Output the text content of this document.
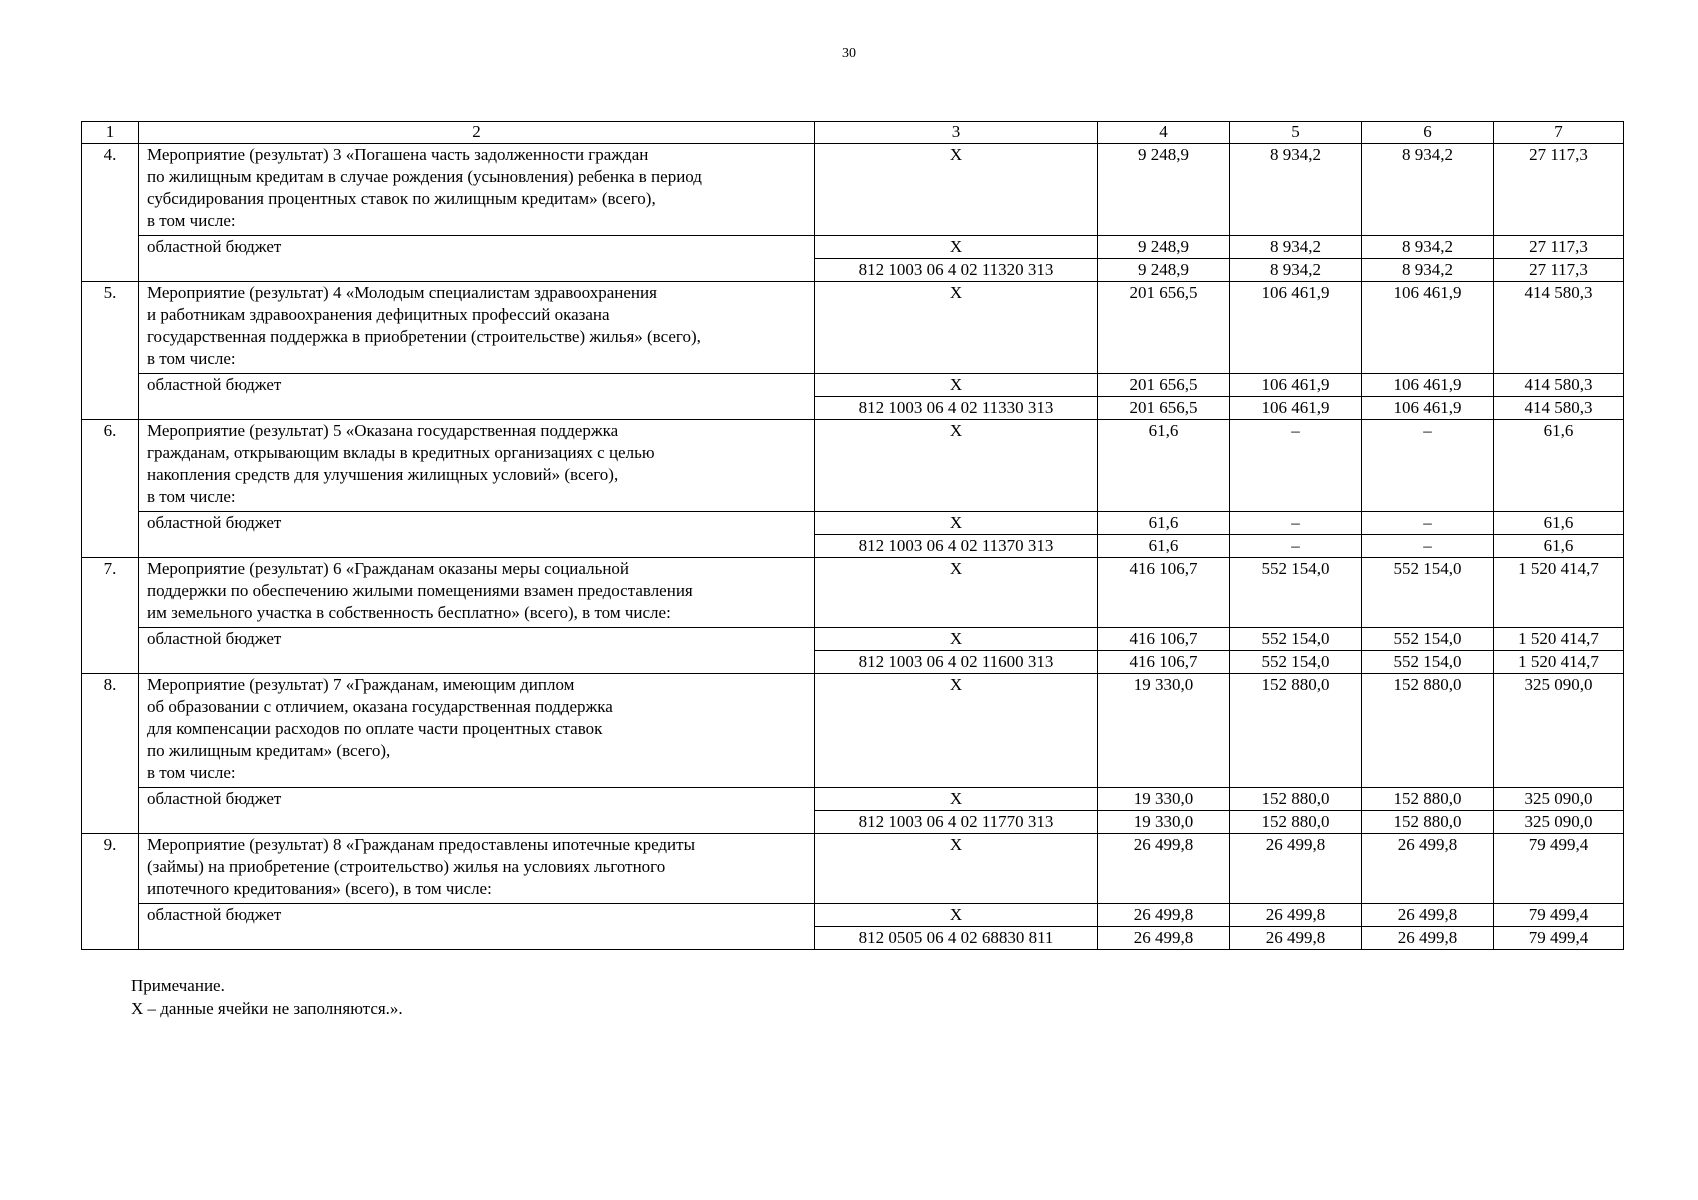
30
1	2	3	4	5	6	7
4.	Мероприятие (результат) 3 «Погашена часть задолженности граждан
по жилищным кредитам в случае рождения (усыновления) ребенка в период
субсидирования процентных ставок по жилищным кредитам» (всего),
в том числе:	X	9 248,9	8 934,2	8 934,2	27 117,3
	областной бюджет	X	9 248,9	8 934,2	8 934,2	27 117,3
		812 1003 06 4 02 11320 313	9 248,9	8 934,2	8 934,2	27 117,3
5.	Мероприятие (результат) 4 «Молодым специалистам здравоохранения
и работникам здравоохранения дефицитных профессий оказана
государственная поддержка в приобретении (строительстве) жилья» (всего),
в том числе:	X	201 656,5	106 461,9	106 461,9	414 580,3
	областной бюджет	X	201 656,5	106 461,9	106 461,9	414 580,3
		812 1003 06 4 02 11330 313	201 656,5	106 461,9	106 461,9	414 580,3
6.	Мероприятие (результат) 5 «Оказана государственная поддержка
гражданам, открывающим вклады в кредитных организациях с целью
накопления средств для улучшения жилищных условий» (всего),
в том числе:	X	61,6	–	–	61,6
	областной бюджет	X	61,6	–	–	61,6
		812 1003 06 4 02 11370 313	61,6	–	–	61,6
7.	Мероприятие (результат) 6 «Гражданам оказаны меры социальной
поддержки по обеспечению жилыми помещениями взамен предоставления
им земельного участка в собственность бесплатно» (всего), в том числе:	X	416 106,7	552 154,0	552 154,0	1 520 414,7
	областной бюджет	X	416 106,7	552 154,0	552 154,0	1 520 414,7
		812 1003 06 4 02 11600 313	416 106,7	552 154,0	552 154,0	1 520 414,7
8.	Мероприятие (результат) 7 «Гражданам, имеющим диплом
об образовании с отличием, оказана государственная поддержка
для компенсации расходов по оплате части процентных ставок
по жилищным кредитам» (всего),
в том числе:	X	19 330,0	152 880,0	152 880,0	325 090,0
	областной бюджет	X	19 330,0	152 880,0	152 880,0	325 090,0
		812 1003 06 4 02 11770 313	19 330,0	152 880,0	152 880,0	325 090,0
9.	Мероприятие (результат) 8 «Гражданам предоставлены ипотечные кредиты
(займы) на приобретение (строительство) жилья на условиях льготного
ипотечного кредитования» (всего), в том числе:	X	26 499,8	26 499,8	26 499,8	79 499,4
	областной бюджет	X	26 499,8	26 499,8	26 499,8	79 499,4
		812 0505 06 4 02 68830 811	26 499,8	26 499,8	26 499,8	79 499,4
Примечание.
Х – данные ячейки не заполняются.».
